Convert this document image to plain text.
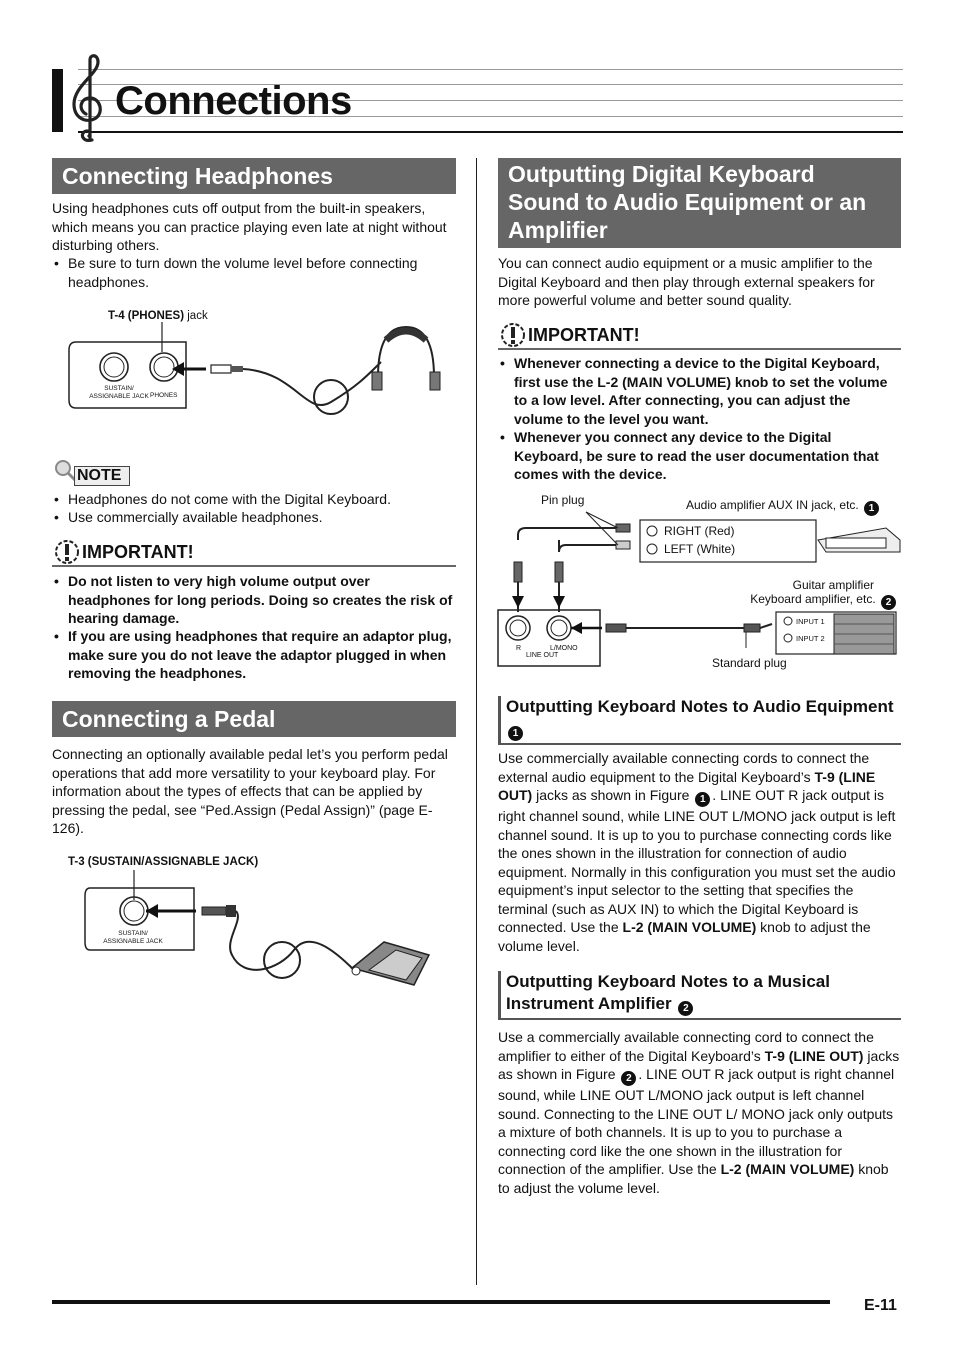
Connections
Connecting Headphones
Using headphones cuts off output from the built-in speakers, which means you can practice playing even late at night without disturbing others.
• Be sure to turn down the volume level before connecting headphones.
T-4 (PHONES) jack
SUSTAIN/ ASSIGNABLE JACK PHONES
NOTE
• Headphones do not come with the Digital Keyboard.
• Use commercially available headphones.
IMPORTANT!
• Do not listen to very high volume output over headphones for long periods. Doing so creates the risk of hearing damage.
• If you are using headphones that require an adaptor plug, make sure you do not leave the adaptor plugged in when removing the headphones.
Connecting a Pedal
Connecting an optionally available pedal let’s you perform pedal operations that add more versatility to your keyboard play. For information about the types of effects that can be applied by pressing the pedal, see “Ped.Assign (Pedal Assign)” (page E-126).
T-3 (SUSTAIN/ASSIGNABLE JACK)
SUSTAIN/ ASSIGNABLE JACK
Outputting Digital Keyboard Sound to Audio Equipment or an Amplifier
You can connect audio equipment or a music amplifier to the Digital Keyboard and then play through external speakers for more powerful volume and better sound quality.
IMPORTANT!
• Whenever connecting a device to the Digital Keyboard, first use the L-2 (MAIN VOLUME) knob to set the volume to a low level. After connecting, you can adjust the volume to the level you want.
• Whenever you connect any device to the Digital Keyboard, be sure to read the user documentation that comes with the device.
Pin plug	Audio amplifier AUX IN jack, etc. 1
RIGHT (Red)
LEFT (White)
Guitar amplifier
Keyboard amplifier, etc. 2
INPUT 1
INPUT 2
R	L/MONO
LINE OUT
Standard plug
Outputting Keyboard Notes to Audio Equipment 1
Use commercially available connecting cords to connect the external audio equipment to the Digital Keyboard’s T-9 (LINE OUT) jacks as shown in Figure 1 . LINE OUT R jack output is right channel sound, while LINE OUT L/MONO jack output is left channel sound. It is up to you to purchase connecting cords like the ones shown in the illustration for connection of audio equipment. Normally in this configuration you must set the audio equipment’s input selector to the setting that specifies the terminal (such as AUX IN) to which the Digital Keyboard is connected. Use the L-2 (MAIN VOLUME) knob to adjust the volume level.
Outputting Keyboard Notes to a Musical Instrument Amplifier 2
Use a commercially available connecting cord to connect the amplifier to either of the Digital Keyboard’s T-9 (LINE OUT) jacks as shown in Figure 2 . LINE OUT R jack output is right channel sound, while LINE OUT L/MONO jack output is left channel sound. Connecting to the LINE OUT L/ MONO jack only outputs a mixture of both channels. It is up to you to purchase a connecting cord like the one shown in the illustration for connection of the amplifier. Use the L-2 (MAIN VOLUME) knob to adjust the volume level.
E-11
